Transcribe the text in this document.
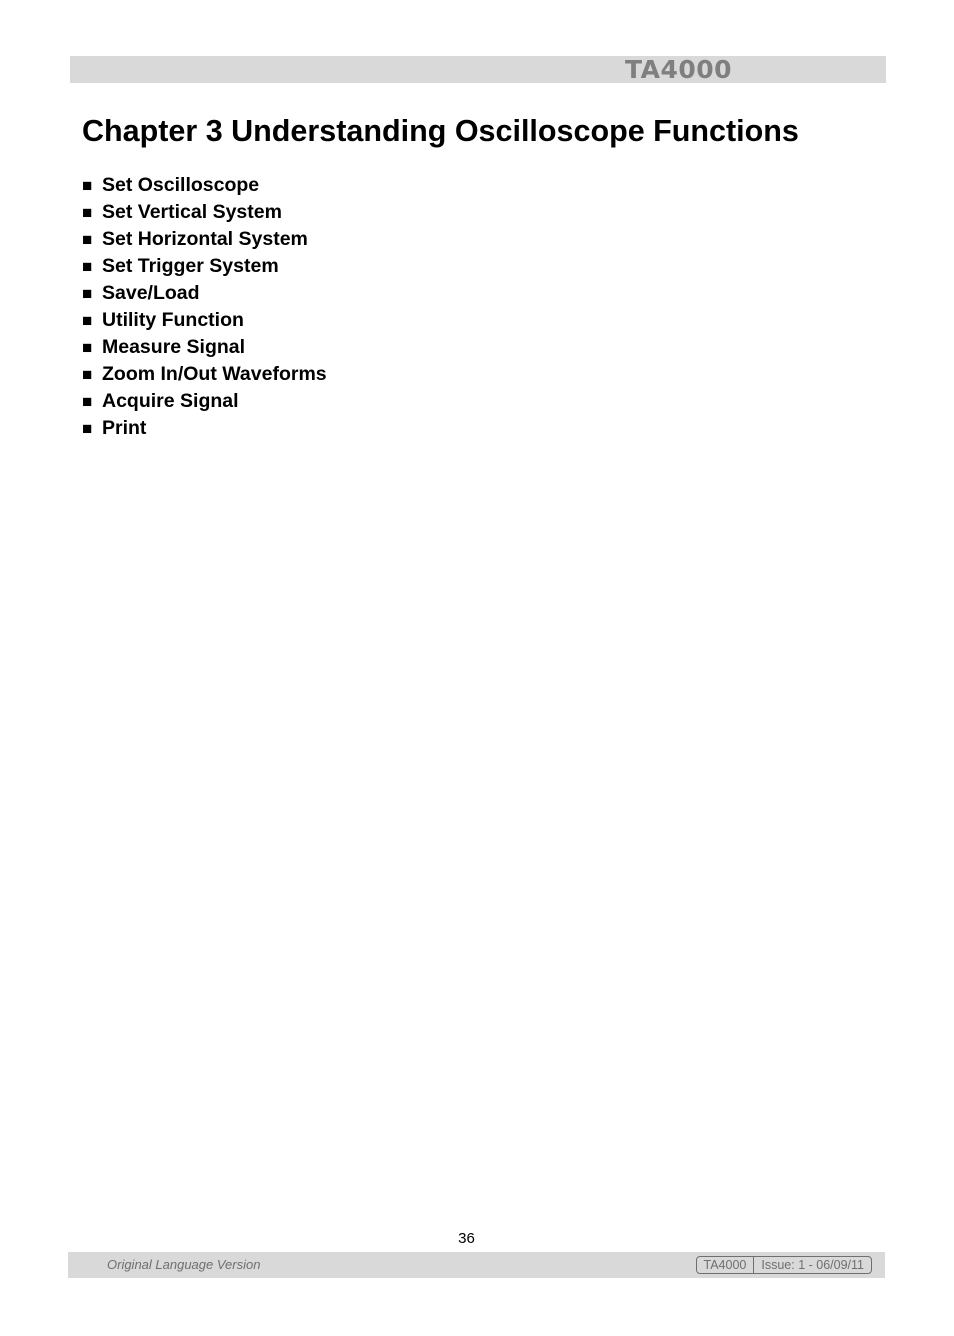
TA4000
Chapter 3 Understanding Oscilloscope Functions
■ Set Oscilloscope
■ Set Vertical System
■ Set Horizontal System
■ Set Trigger System
■ Save/Load
■ Utility Function
■ Measure Signal
■ Zoom In/Out Waveforms
■ Acquire Signal
■ Print
36
Original Language Version	TA4000	Issue: 1 - 06/09/11
